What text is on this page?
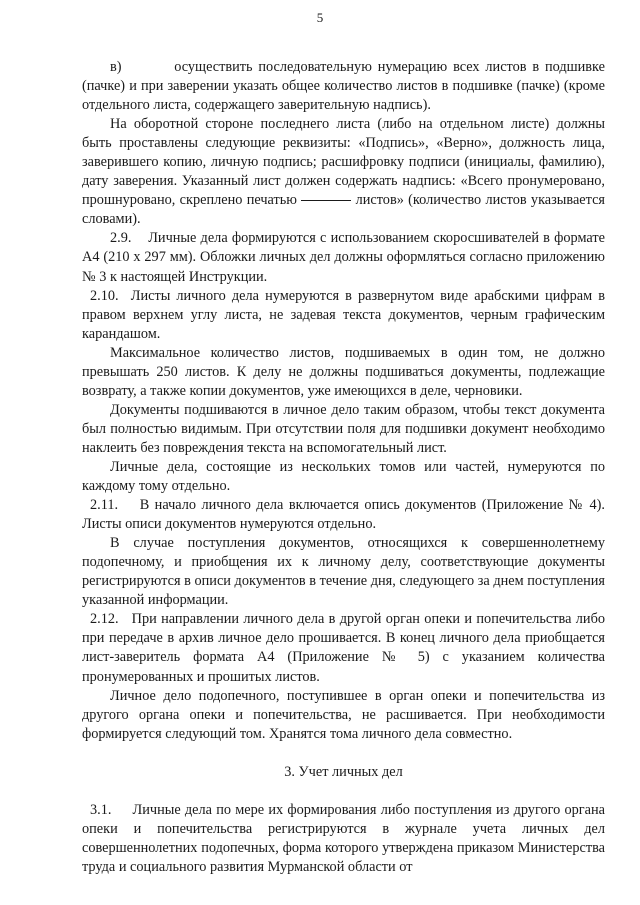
5

в)         осуществить последовательную нумерацию всех листов в подшивке (пачке) и при заверении указать общее количество листов в подшивке (пачке) (кроме отдельного листа, содержащего заверительную надпись).

На оборотной стороне последнего листа (либо на отдельном листе) должны быть проставлены следующие реквизиты: «Подпись», «Верно», должность лица, заверившего копию, личную подпись; расшифровку подписи (инициалы, фамилию), дату заверения. Указанный лист должен содержать надпись: «Всего пронумеровано, прошнуровано, скреплено печатью	листов» (количество листов указывается словами).

2.9.    Личные дела формируются с использованием скоросшивателей в формате А4 (210 х 297 мм). Обложки личных дел должны оформляться согласно приложению № 3 к настоящей Инструкции.

2.10.  Листы личного дела нумеруются в развернутом виде арабскими цифрам в правом верхнем углу листа, не задевая текста документов, черным графическим карандашом.

Максимальное количество листов, подшиваемых в один том, не должно превышать 250 листов. К делу не должны подшиваться документы, подлежащие возврату, а также копии документов, уже имеющихся в деле, черновики.

Документы подшиваются в личное дело таким образом, чтобы текст документа был полностью видимым. При отсутствии поля для подшивки документ необходимо наклеить без повреждения текста на вспомогательный лист.

Личные дела, состоящие из нескольких томов или частей, нумеруются по каждому тому отдельно.

2.11.    В начало личного дела включается опись документов (Приложение № 4). Листы описи документов нумеруются отдельно.

В случае поступления документов, относящихся к совершеннолетнему подопечному, и приобщения их к личному делу, соответствующие документы регистрируются в описи документов в течение дня, следующего за днем поступления указанной информации.

2.12.   При направлении личного дела в другой орган опеки и попечительства либо при передаче в архив личное дело прошивается. В конец личного дела приобщается лист-заверитель формата А4 (Приложение № 5) с указанием количества пронумерованных и прошитых листов.

Личное дело подопечного, поступившее в орган опеки и попечительства из другого органа опеки и попечительства, не расшивается. При необходимости формируется следующий том. Хранятся тома личного дела совместно.

3. Учет личных дел

3.1.     Личные дела по мере их формирования либо поступления из другого органа опеки и попечительства регистрируются в журнале учета личных дел совершеннолетних подопечных, форма которого утверждена приказом Министерства труда и социального развития Мурманской области от
